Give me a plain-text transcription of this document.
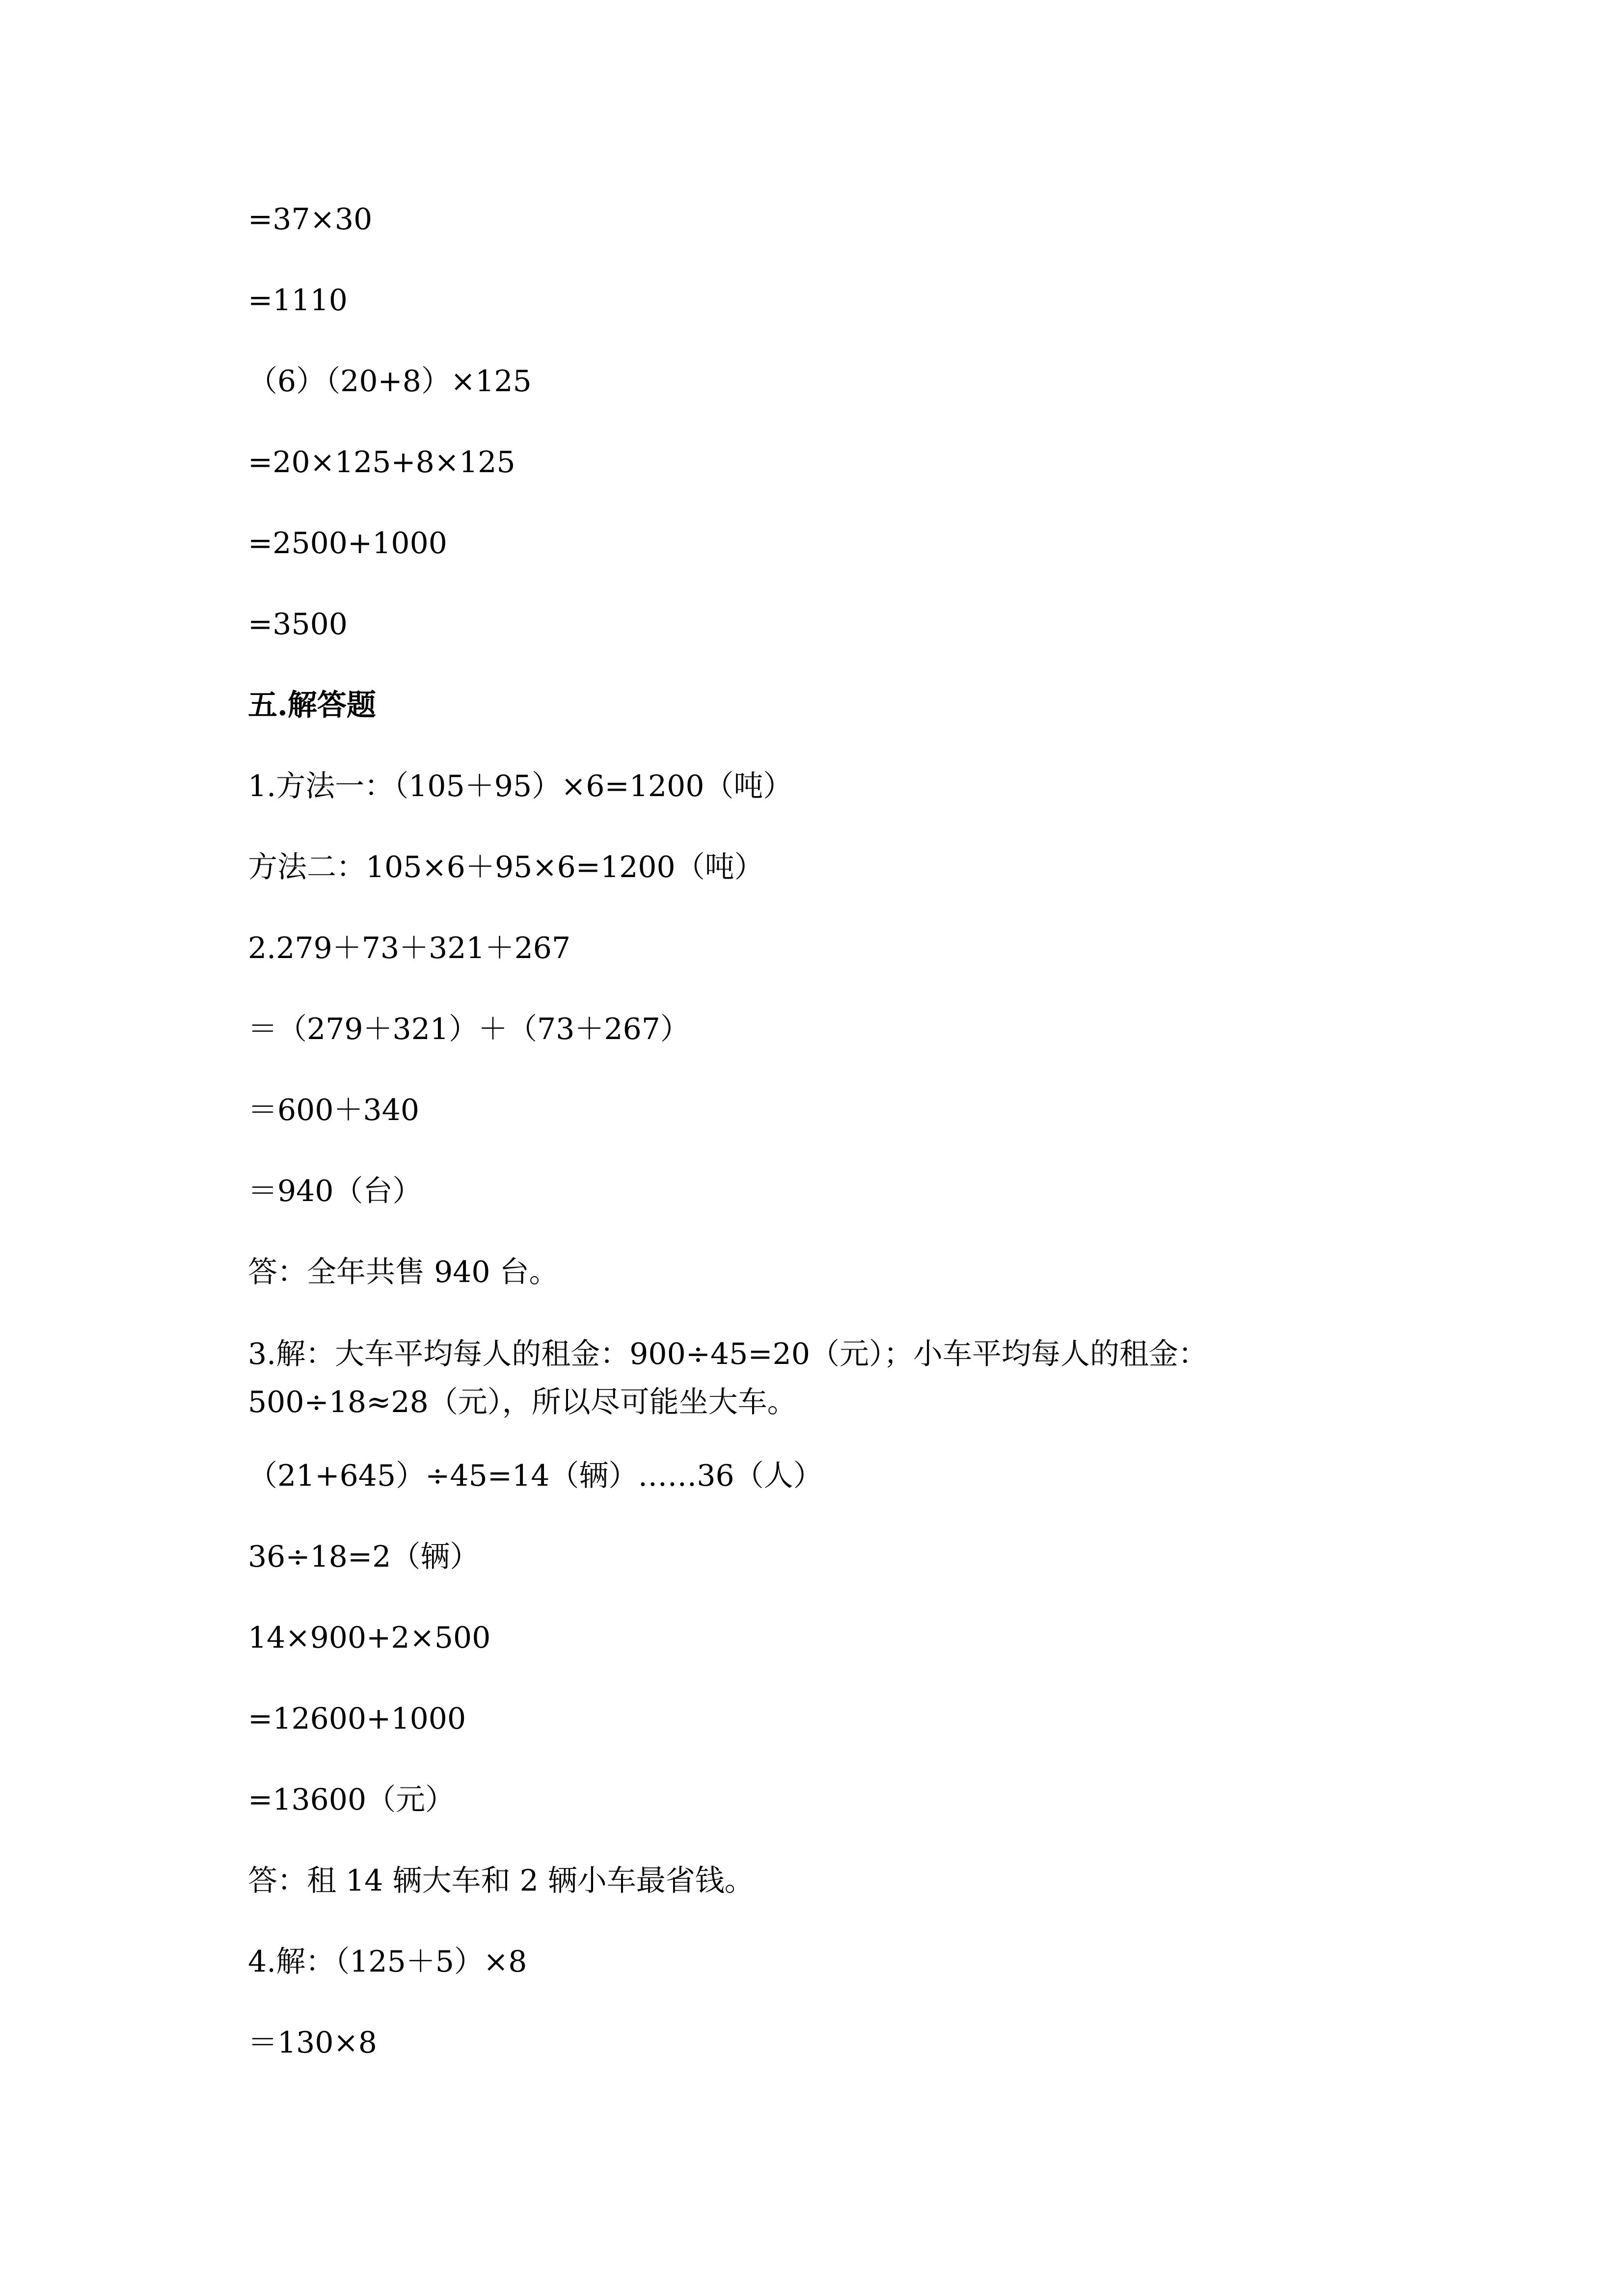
=37×30

=1110

（6）（20+8）×125

=20×125+8×125

=2500+1000

=3500

五.解答题

1.方法一：（105＋95）×6=1200（吨）

方法二：105×6＋95×6=1200（吨）

2.279＋73＋321＋267

＝（279＋321）＋（73＋267）

＝600＋340

＝940（台）

答：全年共售 940 台。

3.解：大车平均每人的租金：900÷45=20（元）；小车平均每人的租金：500÷18≈28（元），所以尽可能坐大车。

（21+645）÷45=14（辆）……36（人）

36÷18=2（辆）

14×900+2×500

=12600+1000

=13600（元）

答：租 14 辆大车和 2 辆小车最省钱。

4.解：（125＋5）×8

＝130×8
